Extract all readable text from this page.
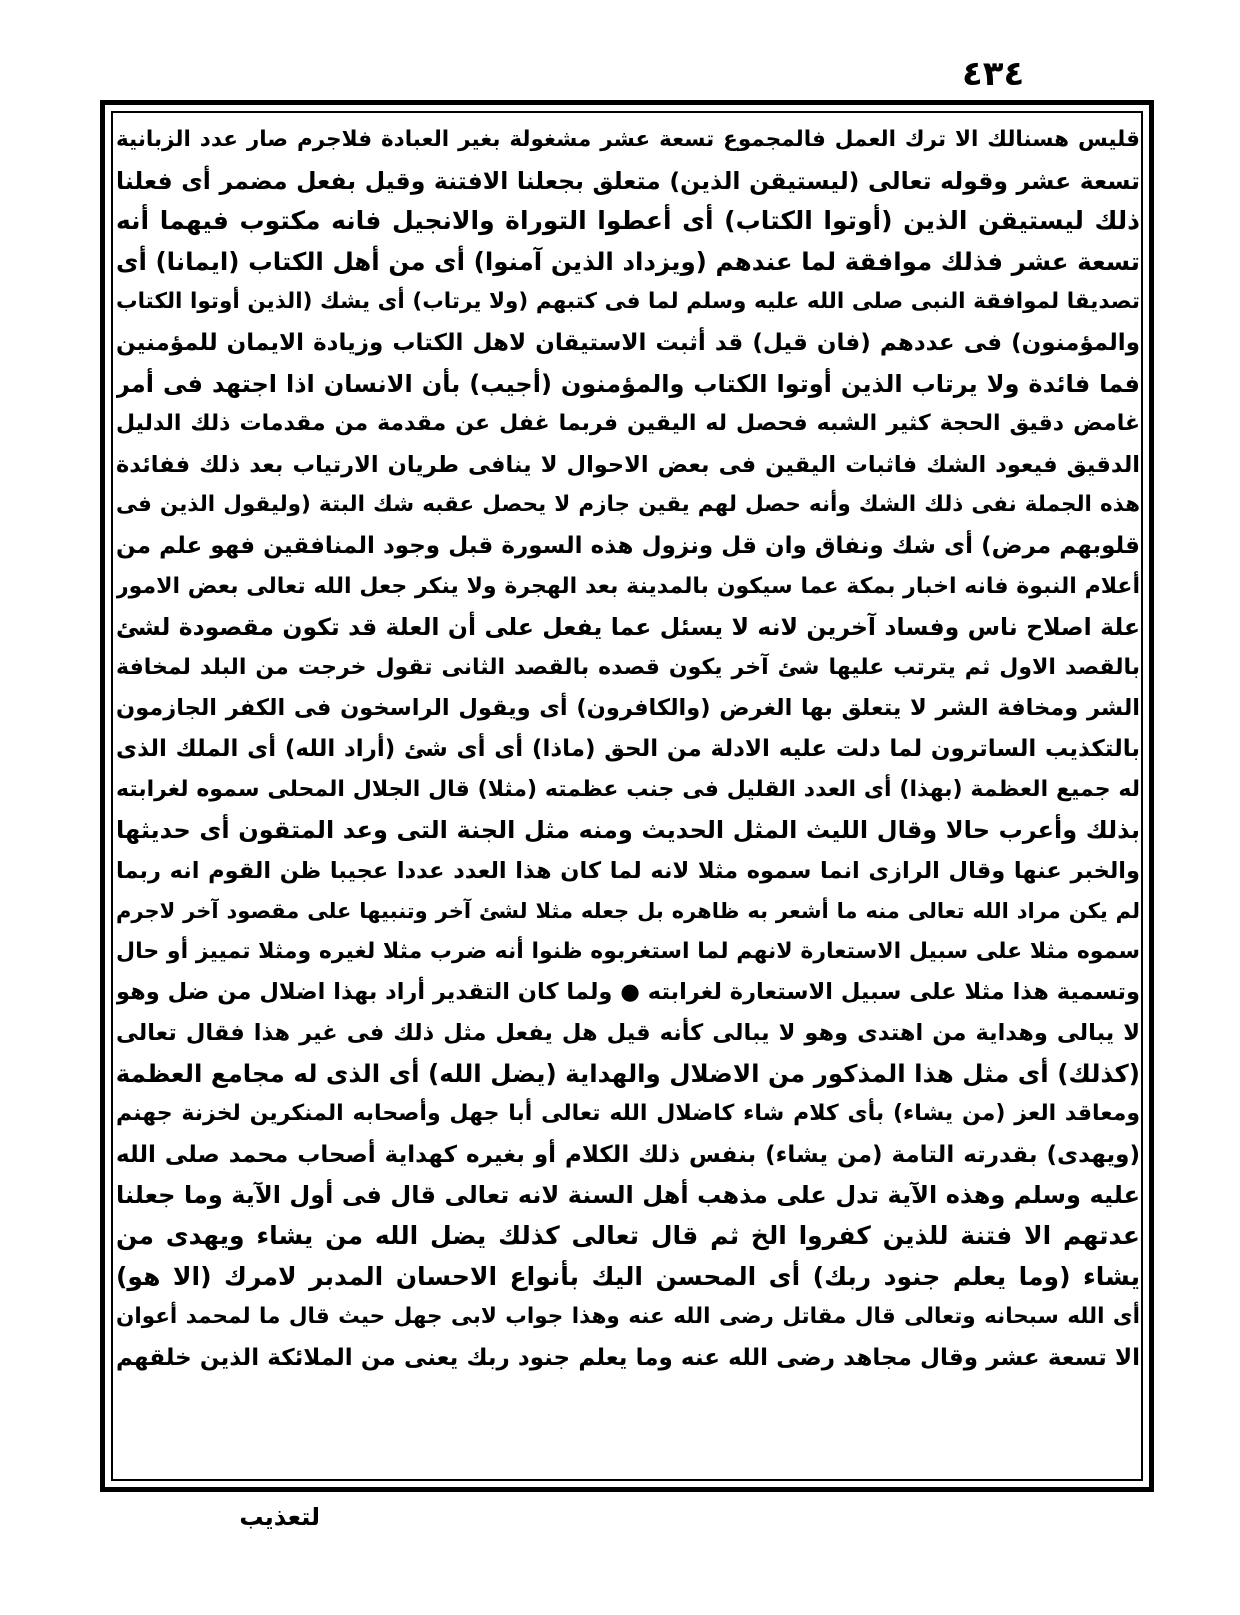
٤٣٤
قليس هسنالك الا ترك العمل فالمجموع تسعة عشر مشغولة بغير العبادة فلاجرم صار عدد الزبانية
تسعة عشر وقوله تعالى (ليستيقن الذين) متعلق بجعلنا الافتنة وقيل بفعل مضمر أى فعلنا
ذلك ليستيقن الذين (أوتوا الكتاب) أى أعطوا التوراة والانجيل فانه مكتوب فيهما أنه
تسعة عشر فذلك موافقة لما عندهم (ويزداد الذين آمنوا) أى من أهل الكتاب (ايمانا) أى
تصديقا لموافقة النبى صلى الله عليه وسلم لما فى كتبهم (ولا يرتاب) أى يشك (الذين أوتوا الكتاب
والمؤمنون) فى عددهم (فان قيل) قد أثبت الاستيقان لاهل الكتاب وزيادة الايمان للمؤمنين
فما فائدة ولا يرتاب الذين أوتوا الكتاب والمؤمنون (أجيب) بأن الانسان اذا اجتهد فى أمر
غامض دقيق الحجة كثير الشبه فحصل له اليقين فربما غفل عن مقدمة من مقدمات ذلك الدليل
الدقيق فيعود الشك فاثبات اليقين فى بعض الاحوال لا ينافى طريان الارتياب بعد ذلك ففائدة
هذه الجملة نفى ذلك الشك وأنه حصل لهم يقين جازم لا يحصل عقبه شك البتة (وليقول الذين فى
قلوبهم مرض) أى شك ونفاق وان قل ونزول هذه السورة قبل وجود المنافقين فهو علم من
أعلام النبوة فانه اخبار بمكة عما سيكون بالمدينة بعد الهجرة ولا ينكر جعل الله تعالى بعض الامور
علة اصلاح ناس وفساد آخرين لانه لا يسئل عما يفعل على أن العلة قد تكون مقصودة لشئ
بالقصد الاول ثم يترتب عليها شئ آخر يكون قصده بالقصد الثانى تقول خرجت من البلد لمخافة
الشر ومخافة الشر لا يتعلق بها الغرض (والكافرون) أى ويقول الراسخون فى الكفر الجازمون
بالتكذيب الساترون لما دلت عليه الادلة من الحق (ماذا) أى أى شئ (أراد الله) أى الملك الذى
له جميع العظمة (بهذا) أى العدد القليل فى جنب عظمته (مثلا) قال الجلال المحلى سموه لغرابته
بذلك وأعرب حالا وقال الليث المثل الحديث ومنه مثل الجنة التى وعد المتقون أى حديثها
والخبر عنها وقال الرازى انما سموه مثلا لانه لما كان هذا العدد عددا عجيبا ظن القوم انه ربما
لم يكن مراد الله تعالى منه ما أشعر به ظاهره بل جعله مثلا لشئ آخر وتنبيها على مقصود آخر لاجرم
سموه مثلا على سبيل الاستعارة لانهم لما استغربوه ظنوا أنه ضرب مثلا لغيره ومثلا تمييز أو حال
وتسمية هذا مثلا على سبيل الاستعارة لغرابته ● ولما كان التقدير أراد بهذا اضلال من ضل وهو
لا يبالى وهداية من اهتدى وهو لا يبالى كأنه قيل هل يفعل مثل ذلك فى غير هذا فقال تعالى
(كذلك) أى مثل هذا المذكور من الاضلال والهداية (يضل الله) أى الذى له مجامع العظمة
ومعاقد العز (من يشاء) بأى كلام شاء كاضلال الله تعالى أبا جهل وأصحابه المنكرين لخزنة جهنم
(ويهدى) بقدرته التامة (من يشاء) بنفس ذلك الكلام أو بغيره كهداية أصحاب محمد صلى الله
عليه وسلم وهذه الآية تدل على مذهب أهل السنة لانه تعالى قال فى أول الآية وما جعلنا
عدتهم الا فتنة للذين كفروا الخ ثم قال تعالى كذلك يضل الله من يشاء ويهدى من
يشاء (وما يعلم جنود ربك) أى المحسن اليك بأنواع الاحسان المدبر لامرك (الا هو)
أى الله سبحانه وتعالى قال مقاتل رضى الله عنه وهذا جواب لابى جهل حيث قال ما لمحمد أعوان
الا تسعة عشر وقال مجاهد رضى الله عنه وما يعلم جنود ربك يعنى من الملائكة الذين خلقهم
لتعذيب
